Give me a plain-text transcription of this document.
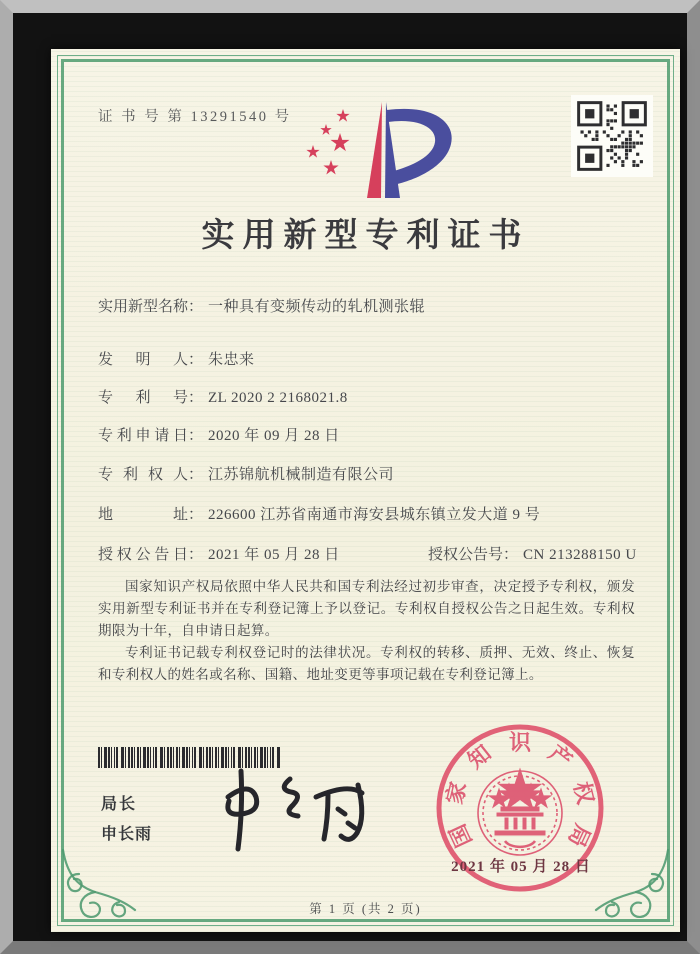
证 书 号 第 13291540 号
实用新型专利证书
实用新型名称： 一种具有变频传动的轧机测张辊
发明人： 朱忠来
专利号： ZL 2020 2 2168021.8
专利申请日： 2020 年 09 月 28 日
专利权人： 江苏锦航机械制造有限公司
地址： 226600 江苏省南通市海安县城东镇立发大道 9 号
授权公告日： 2021 年 05 月 28 日	授权公告号： CN 213288150 U

国家知识产权局依照中华人民共和国专利法经过初步审查，决定授予专利权，颁发实用新型专利证书并在专利登记簿上予以登记。专利权自授权公告之日起生效。专利权期限为十年，自申请日起算。

专利证书记载专利权登记时的法律状况。专利权的转移、质押、无效、终止、恢复和专利权人的姓名或名称、国籍、地址变更等事项记载在专利登记簿上。

局长
申长雨	国
家
知 识 产
权
局
2021 年 05 月 28 日
第 1 页 (共 2 页)
